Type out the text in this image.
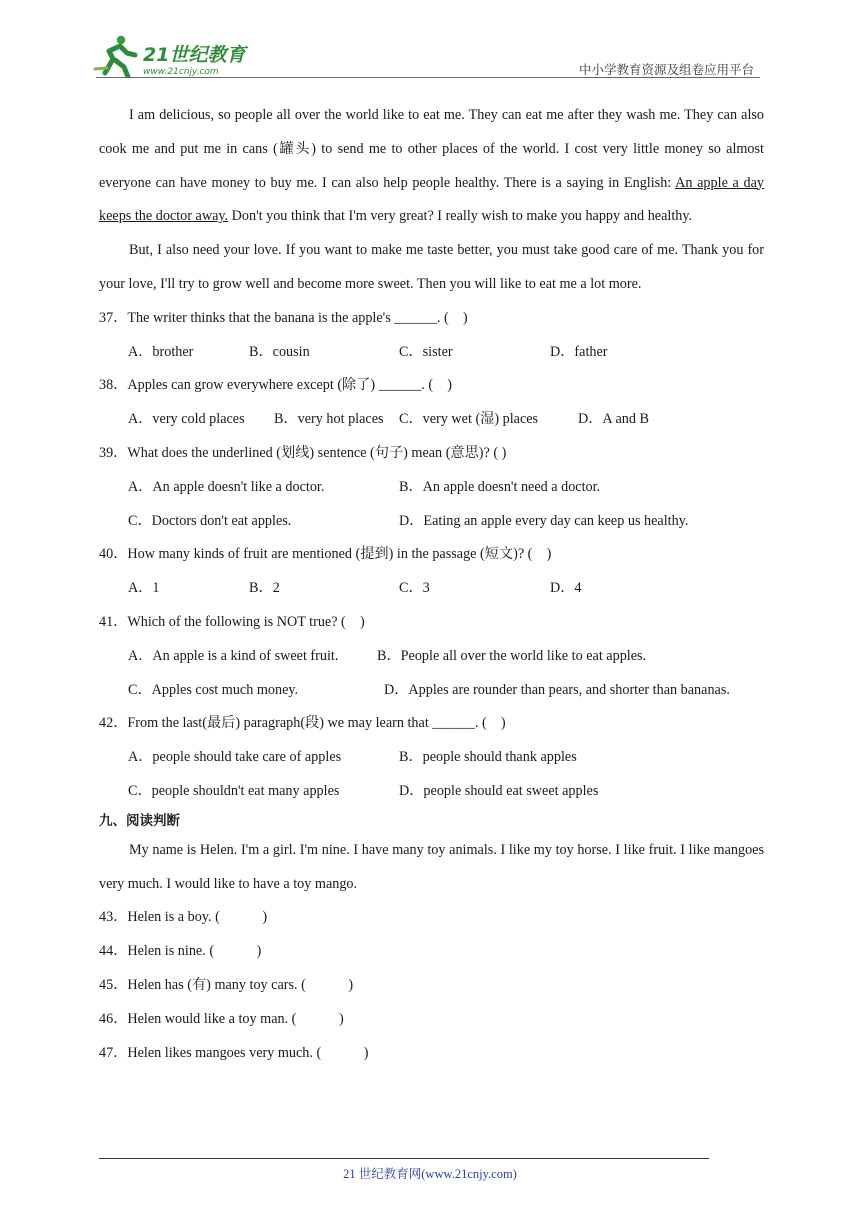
21世纪教育
www.21cnjy.com	中小学教育资源及组卷应用平台

I am delicious, so people all over the world like to eat me. They can eat me after they wash me. They can also cook me and put me in cans (罐头) to send me to other places of the world. I cost very little money so almost everyone can have money to buy me. I can also help people healthy. There is a saying in English: An apple a day keeps the doctor away. Don't you think that I'm very great? I really wish to make you happy and healthy.

But, I also need your love. If you want to make me taste better, you must take good care of me. Thank you for your love, I'll try to grow well and become more sweet. Then you will like to eat me a lot more.

37．The writer thinks that the banana is the apple's ______. (　)
A．brother	B．cousin	C．sister	D．father
38．Apples can grow everywhere except (除了) ______. (　)
A．very cold places B．very hot places C．very wet (湿) places	D．A and B
39．What does the underlined (划线) sentence (句子) mean (意思)? ( )
A．An apple doesn't like a doctor.	B．An apple doesn't need a doctor.
C．Doctors don't eat apples.	D．Eating an apple every day can keep us healthy.
40．How many kinds of fruit are mentioned (提到) in the passage (短文)? (　)
A．1	B．2	C．3	D．4
41．Which of the following is NOT true? (　)
A．An apple is a kind of sweet fruit.	B．People all over the world like to eat apples.
C．Apples cost much money.	D．Apples are rounder than pears, and shorter than bananas.
42．From the last(最后) paragraph(段) we may learn that ______. (　)
A．people should take care of apples	B．people should thank apples
C．people shouldn't eat many apples	D．people should eat sweet apples
九、阅读判断

My name is Helen. I'm a girl. I'm nine. I have many toy animals. I like my toy horse. I like fruit. I like mangoes very much. I would like to have a toy mango.

43．Helen is a boy. (　　　)
44．Helen is nine. (　　　)
45．Helen has (有) many toy cars. (　　　)
46．Helen would like a toy man. (　　　)
47．Helen likes mangoes very much. (　　　)
21 世纪教育网(www.21cnjy.com)
